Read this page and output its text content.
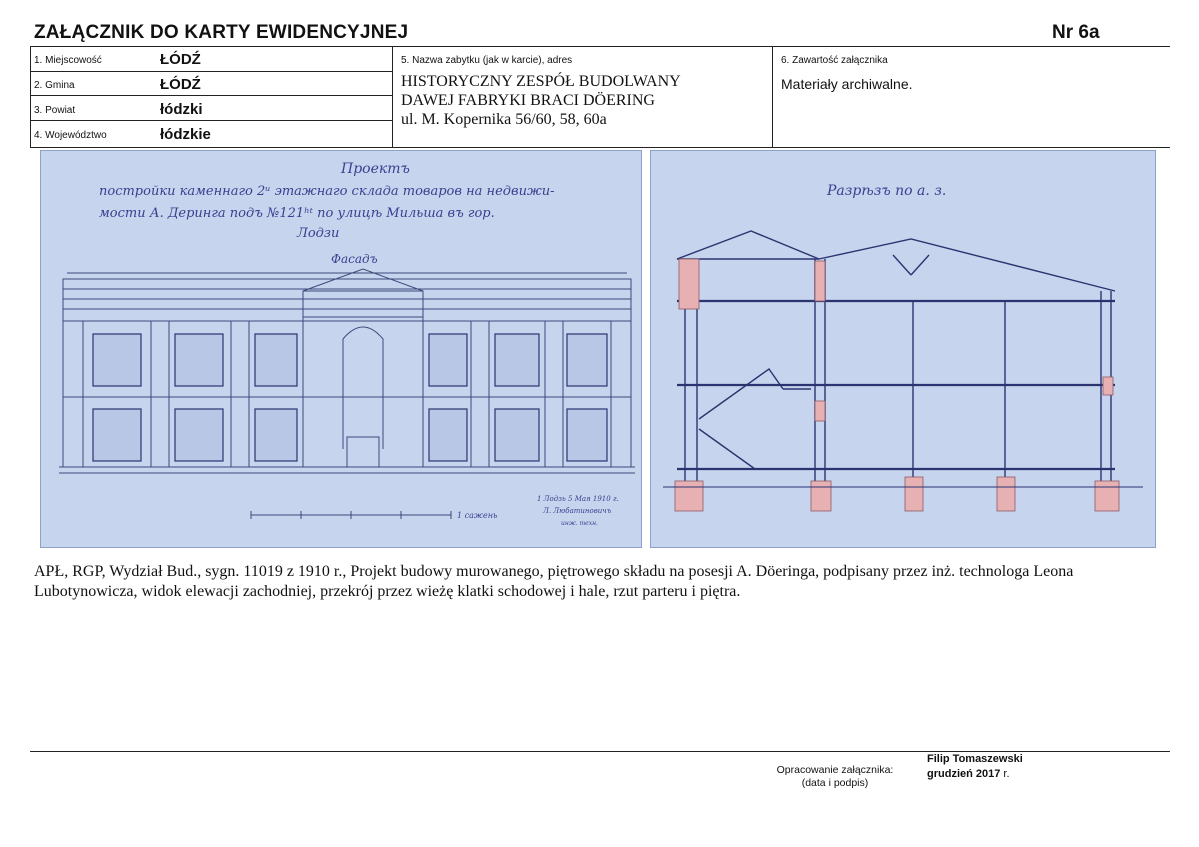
ZAŁĄCZNIK DO KARTY EWIDENCYJNEJ	Nr 6a
1. Miejscowość	ŁÓDŹ
2. Gmina	ŁÓDŹ
3. Powiat	łódzki
4. Województwo	łódzkie
5. Nazwa zabytku (jak w karcie), adres
HISTORYCZNY ZESPÓŁ BUDOLWANY
DAWEJ FABRYKI BRACI DÖERING
ul. M. Kopernika 56/60, 58, 60a
6. Zawartość załącznika
Materiały archiwalne.
Проектъ
постройки каменнаго 2ᵘ этажнаго склада товаров на недвижи-
мости А. Деринга подъ №121ʰᵗ по улицѣ Мильша въ гор.
Лодзи
Фасадъ
1 сажень
1 Лодзь 5 Мая 1910 г.
Л. Любатиновичъ
инж. техн.
Разрѣзъ по а. з.
APŁ, RGP, Wydział Bud., sygn. 11019 z 1910 r., Projekt budowy murowanego, piętrowego składu na posesji A. Döeringa, podpisany przez inż. technologa Leona Lubotynowicza, widok elewacji zachodniej, przekrój przez wieżę klatki schodowej i hale, rzut parteru i piętra.
Opracowanie załącznika:
(data i podpis)
Filip Tomaszewski
grudzień 2017 r.
